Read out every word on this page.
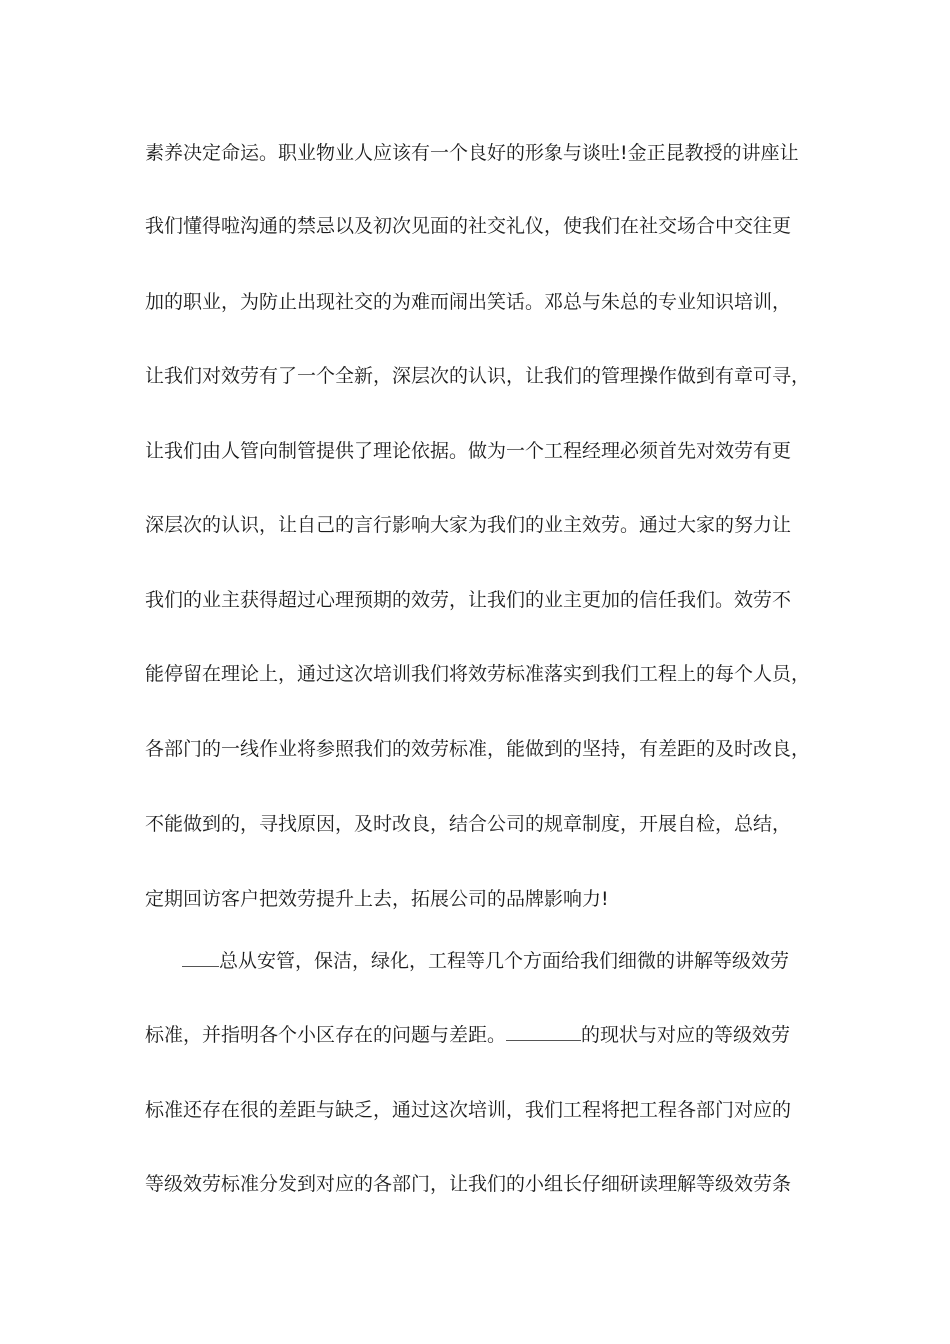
素养决定命运。职业物业人应该有一个良好的形象与谈吐!金正昆教授的讲座让
我们懂得啦沟通的禁忌以及初次见面的社交礼仪，使我们在社交场合中交往更
加的职业，为防止出现社交的为难而闹出笑话。邓总与朱总的专业知识培训，
让我们对效劳有了一个全新，深层次的认识，让我们的管理操作做到有章可寻，
让我们由人管向制管提供了理论依据。做为一个工程经理必须首先对效劳有更
深层次的认识，让自己的言行影响大家为我们的业主效劳。通过大家的努力让
我们的业主获得超过心理预期的效劳，让我们的业主更加的信任我们。效劳不
能停留在理论上，通过这次培训我们将效劳标准落实到我们工程上的每个人员，
各部门的一线作业将参照我们的效劳标准，能做到的坚持，有差距的及时改良，
不能做到的，寻找原因，及时改良，结合公司的规章制度，开展自检，总结，
定期回访客户把效劳提升上去，拓展公司的品牌影响力!
总从安管，保洁，绿化，工程等几个方面给我们细微的讲解等级效劳
标准，并指明各个小区存在的问题与差距。	的现状与对应的等级效劳
标准还存在很的差距与缺乏，通过这次培训，我们工程将把工程各部门对应的
等级效劳标准分发到对应的各部门，让我们的小组长仔细研读理解等级效劳条
